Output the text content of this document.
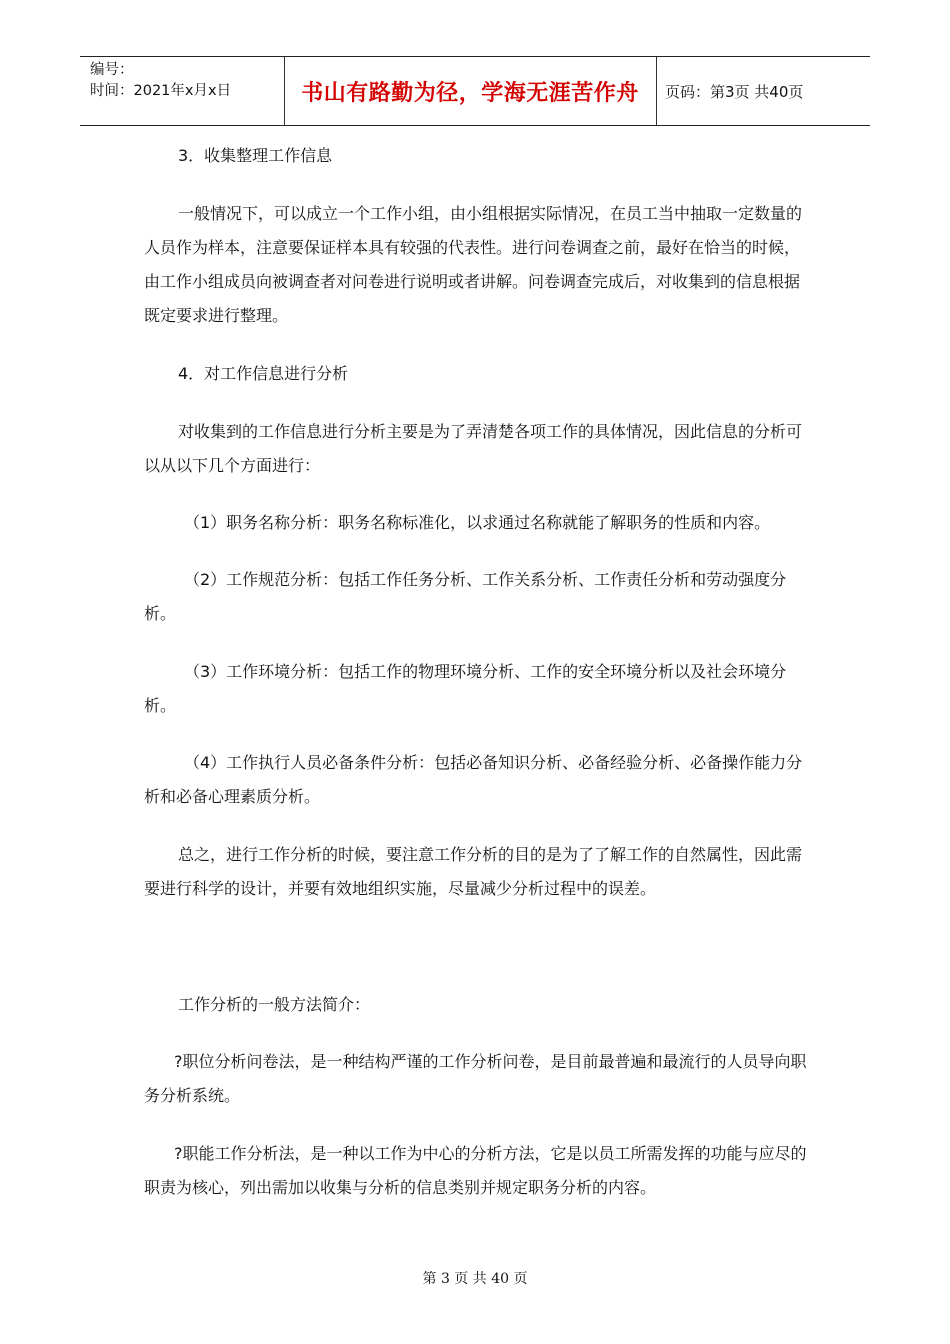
编号：
时间：2021年x月x日	书山有路勤为径，学海无涯苦作舟	页码：第3页 共40页

3．收集整理工作信息

一般情况下，可以成立一个工作小组，由小组根据实际情况，在员工当中抽取一定数量的人员作为样本，注意要保证样本具有较强的代表性。进行问卷调查之前，最好在恰当的时候，由工作小组成员向被调查者对问卷进行说明或者讲解。问卷调查完成后，对收集到的信息根据既定要求进行整理。

4．对工作信息进行分析

对收集到的工作信息进行分析主要是为了弄清楚各项工作的具体情况，因此信息的分析可以从以下几个方面进行：

（1）职务名称分析：职务名称标准化，以求通过名称就能了解职务的性质和内容。

（2）工作规范分析：包括工作任务分析、工作关系分析、工作责任分析和劳动强度分析。

（3）工作环境分析：包括工作的物理环境分析、工作的安全环境分析以及社会环境分析。

（4）工作执行人员必备条件分析：包括必备知识分析、必备经验分析、必备操作能力分析和必备心理素质分析。

总之，进行工作分析的时候，要注意工作分析的目的是为了了解工作的自然属性，因此需要进行科学的设计，并要有效地组织实施，尽量减少分析过程中的误差。

工作分析的一般方法简介：

?职位分析问卷法，是一种结构严谨的工作分析问卷，是目前最普遍和最流行的人员导向职务分析系统。

?职能工作分析法，是一种以工作为中心的分析方法，它是以员工所需发挥的功能与应尽的职责为核心，列出需加以收集与分析的信息类别并规定职务分析的内容。

第 3 页 共 40 页
